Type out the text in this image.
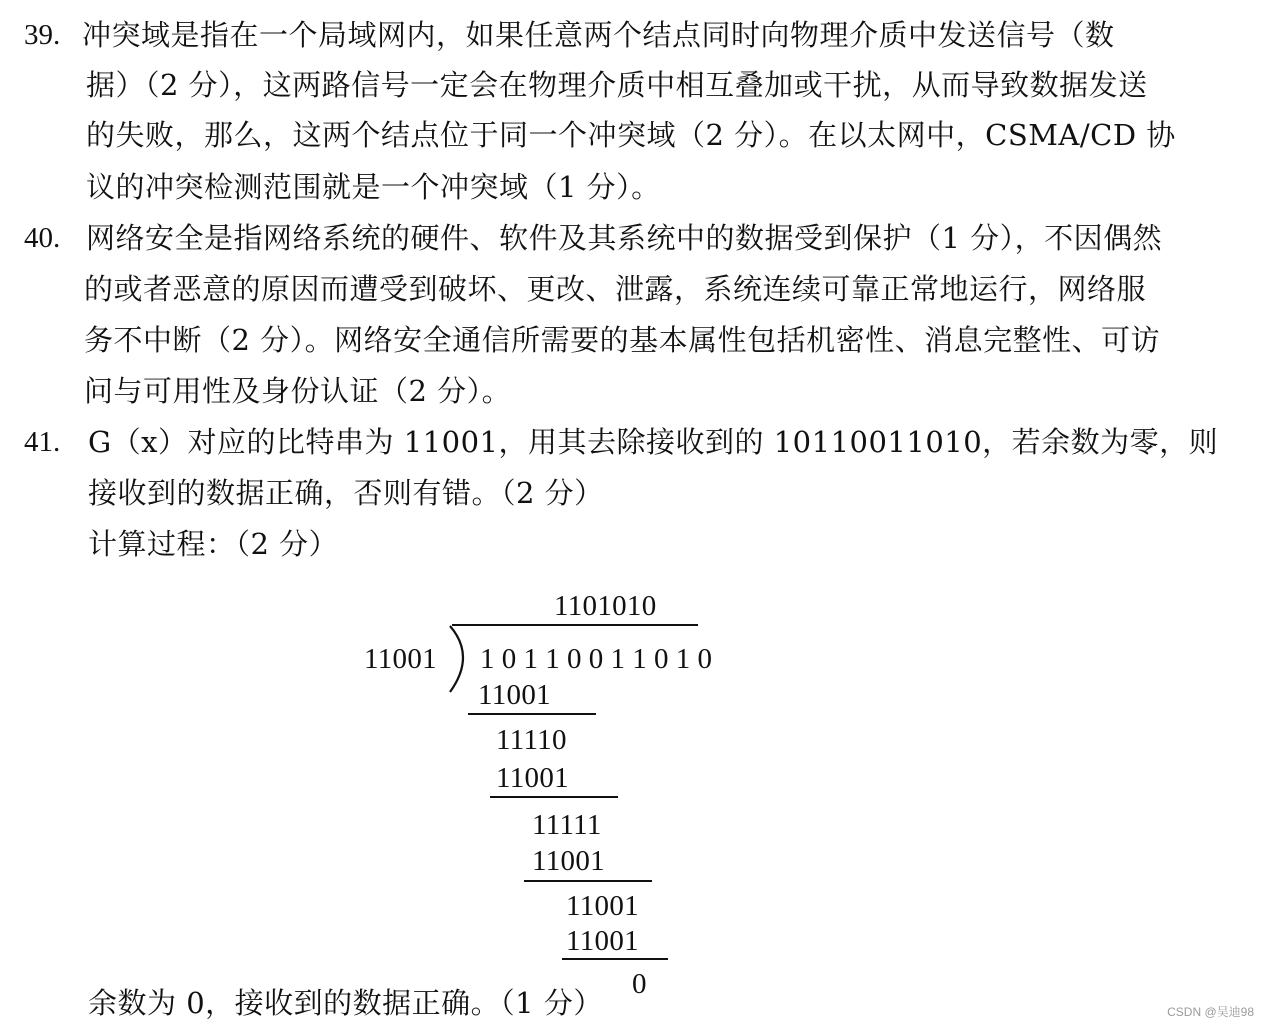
39. 冲突域是指在一个局域网内，如果任意两个结点同时向物理介质中发送信号（数
据）（2 分），这两路信号一定会在物理介质中相互叠加或干扰，从而导致数据发送
的失败，那么，这两个结点位于同一个冲突域（2 分）。在以太网中，CSMA/CD 协
议的冲突检测范围就是一个冲突域（1 分）。
40. 网络安全是指网络系统的硬件、软件及其系统中的数据受到保护（1 分），不因偶然
的或者恶意的原因而遭受到破坏、更改、泄露，系统连续可靠正常地运行，网络服
务不中断（2 分）。网络安全通信所需要的基本属性包括机密性、消息完整性、可访
问与可用性及身份认证（2 分）。
41. G（x）对应的比特串为 11001，用其去除接收到的 10110011010，若余数为零，则
接收到的数据正确，否则有错。（2 分）
计算过程：（2 分）
1101010
11001 1 0 1 1 0 0 1 1 0 1 0
11001
11110
11001
11111
11001
11001
11001
0
余数为 0，接收到的数据正确。（1 分）	CSDN @吴迪98
